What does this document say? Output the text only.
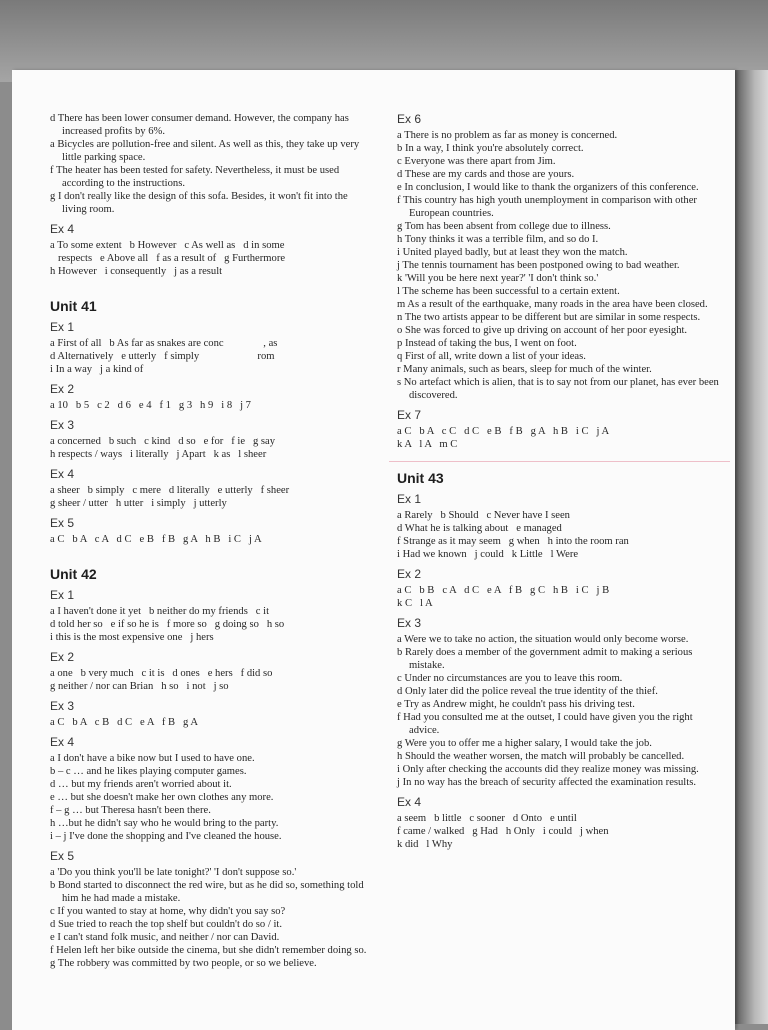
d There has been lower consumer demand. However, the company has increased profits by 6%.

a Bicycles are pollution-free and silent. As well as this, they take up very little parking space.

f The heater has been tested for safety. Nevertheless, it must be used according to the instructions.

g I don't really like the design of this sofa. Besides, it won't fit into the living room.

Ex 4

a To some extent   b However   c As well as   d in some

respects   e Above all   f as a result of   g Furthermore

h However   i consequently   j as a result

Unit 41
Ex 1

a First of all   b As far as snakes are conc               , as

d Alternatively   e utterly   f simply                      rom

i In a way   j a kind of

Ex 2

a 10   b 5   c 2   d 6   e 4   f 1   g 3   h 9   i 8   j 7

Ex 3

a concerned   b such   c kind   d so   e for   f ie   g say

h respects / ways   i literally   j Apart   k as   l sheer

Ex 4

a sheer   b simply   c mere   d literally   e utterly   f sheer

g sheer / utter   h utter   i simply   j utterly

Ex 5

a C   b A   c A   d C   e B   f B   g A   h B   i C   j A

Unit 42
Ex 1

a I haven't done it yet   b neither do my friends   c it

d told her so   e if so he is   f more so   g doing so   h so

i this is the most expensive one   j hers

Ex 2

a one   b very much   c it is   d ones   e hers   f did so

g neither / nor can Brian   h so   i not   j so

Ex 3

a C   b A   c B   d C   e A   f B   g A

Ex 4

a I don't have a bike now but I used to have one.

b – c … and he likes playing computer games.

d … but my friends aren't worried about it.

e … but she doesn't make her own clothes any more.

f – g … but Theresa hasn't been there.

h …but he didn't say who he would bring to the party.

i – j I've done the shopping and I've cleaned the house.

Ex 5

a 'Do you think you'll be late tonight?' 'I don't suppose so.'

b Bond started to disconnect the red wire, but as he did so, something told him he had made a mistake.

c If you wanted to stay at home, why didn't you say so?

d Sue tried to reach the top shelf but couldn't do so / it.

e I can't stand folk music, and neither / nor can David.

f Helen left her bike outside the cinema, but she didn't remember doing so.

g The robbery was committed by two people, or so we believe.

Ex 6

a There is no problem as far as money is concerned.

b In a way, I think you're absolutely correct.

c Everyone was there apart from Jim.

d These are my cards and those are yours.

e In conclusion, I would like to thank the organizers of this conference.

f This country has high youth unemployment in comparison with other European countries.

g Tom has been absent from college due to illness.

h Tony thinks it was a terrible film, and so do I.

i United played badly, but at least they won the match.

j The tennis tournament has been postponed owing to bad weather.

k 'Will you be here next year?' 'I don't think so.'

l The scheme has been successful to a certain extent.

m As a result of the earthquake, many roads in the area have been closed.

n The two artists appear to be different but are similar in some respects.

o She was forced to give up driving on account of her poor eyesight.

p Instead of taking the bus, I went on foot.

q First of all, write down a list of your ideas.

r Many animals, such as bears, sleep for much of the winter.

s No artefact which is alien, that is to say not from our planet, has ever been discovered.

Ex 7

a C   b A   c C   d C   e B   f B   g A   h B   i C   j A

k A   l A   m C

Unit 43
Ex 1

a Rarely   b Should   c Never have I seen

d What he is talking about   e managed

f Strange as it may seem   g when   h into the room ran

i Had we known   j could   k Little   l Were

Ex 2

a C   b B   c A   d C   e A   f B   g C   h B   i C   j B

k C   l A

Ex 3

a Were we to take no action, the situation would only become worse.

b Rarely does a member of the government admit to making a serious mistake.

c Under no circumstances are you to leave this room.

d Only later did the police reveal the true identity of the thief.

e Try as Andrew might, he couldn't pass his driving test.

f Had you consulted me at the outset, I could have given you the right advice.

g Were you to offer me a higher salary, I would take the job.

h Should the weather worsen, the match will probably be cancelled.

i Only after checking the accounts did they realize money was missing.

j In no way has the breach of security affected the examination results.

Ex 4

a seem   b little   c sooner   d Onto   e until

f came / walked   g Had   h Only   i could   j when

k did   l Why
